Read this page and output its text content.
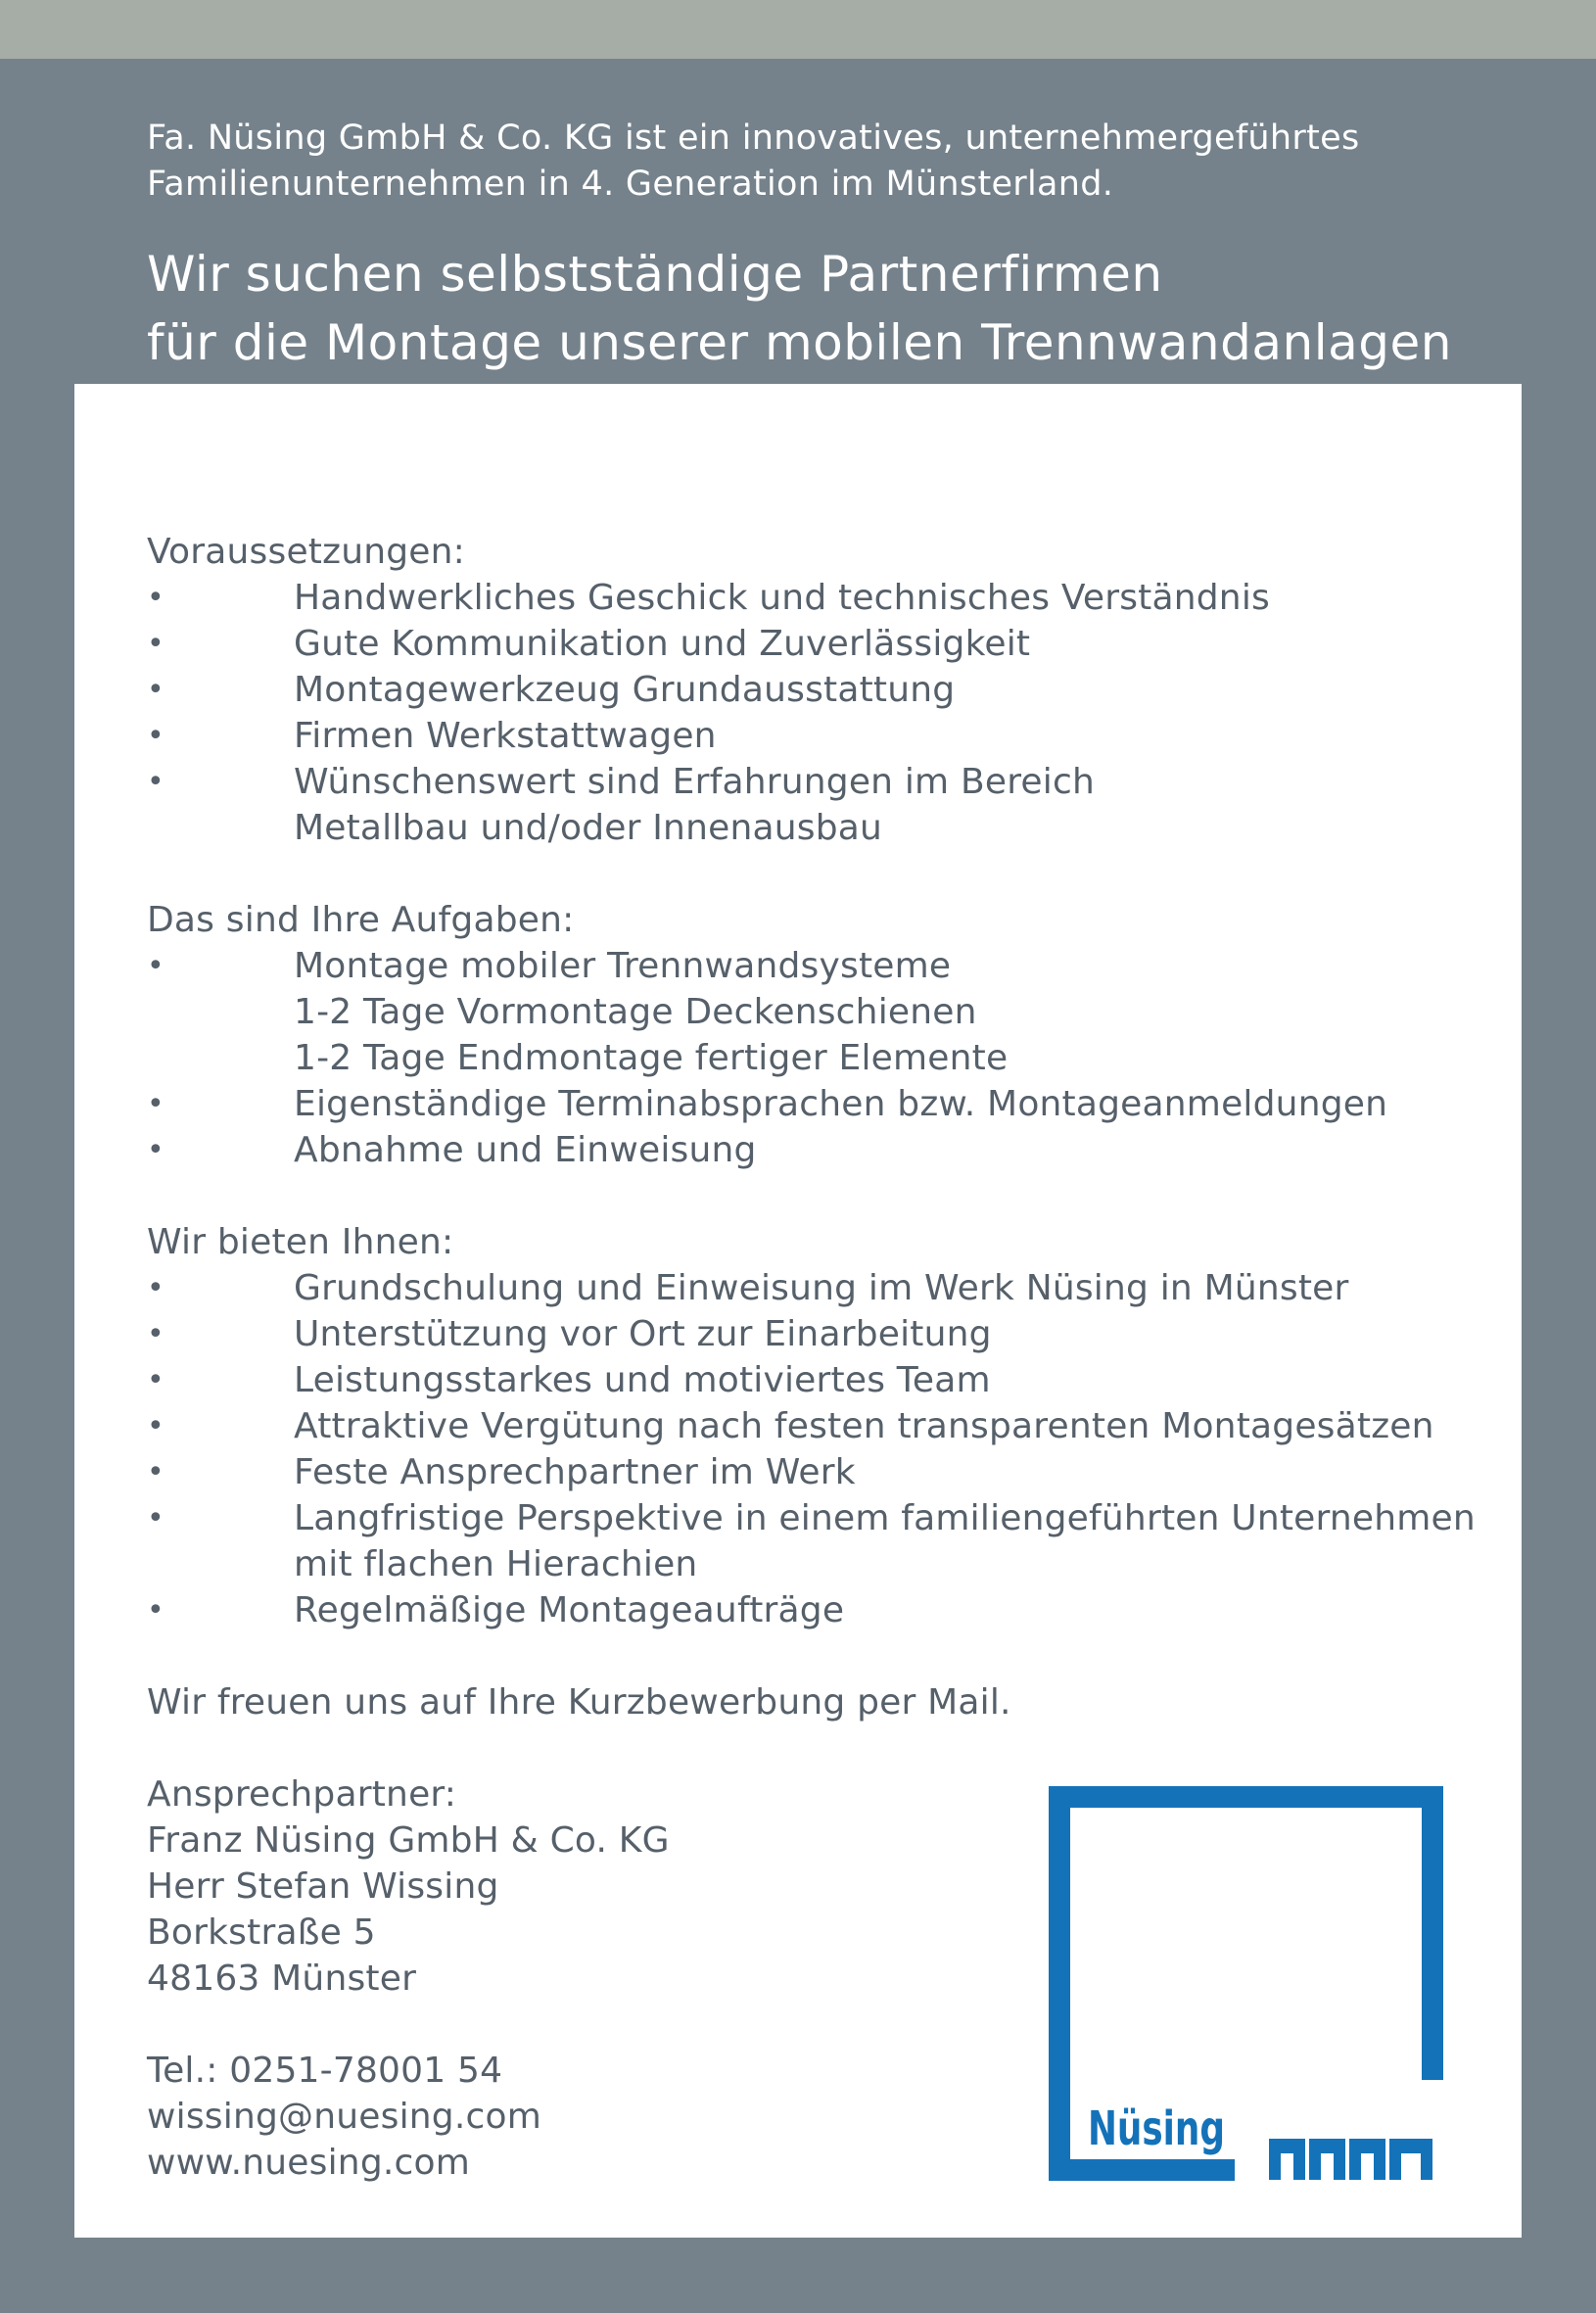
Fa. Nüsing GmbH & Co. KG ist ein innovatives, unternehmergeführtes
Familienunternehmen in 4. Generation im Münsterland.
Wir suchen selbstständige Partnerfirmen
für die Montage unserer mobilen Trennwandanlagen
Voraussetzungen:
•	Handwerkliches Geschick und technisches Verständnis
•	Gute Kommunikation und Zuverlässigkeit
•	Montagewerkzeug Grundausstattung
•	Firmen Werkstattwagen
•	Wünschenswert sind Erfahrungen im Bereich
Metallbau und/oder Innenausbau
Das sind Ihre Aufgaben:
•	Montage mobiler Trennwandsysteme
1-2 Tage Vormontage Deckenschienen
1-2 Tage Endmontage fertiger Elemente
•	Eigenständige Terminabsprachen bzw. Montageanmeldungen
•	Abnahme und Einweisung
Wir bieten Ihnen:
•	Grundschulung und Einweisung im Werk Nüsing in Münster
•	Unterstützung vor Ort zur Einarbeitung
•	Leistungsstarkes und motiviertes Team
•	Attraktive Vergütung nach festen transparenten Montagesätzen
•	Feste Ansprechpartner im Werk
•	Langfristige Perspektive in einem familiengeführten Unternehmen
mit flachen Hierachien
•	Regelmäßige Montageaufträge
Wir freuen uns auf Ihre Kurzbewerbung per Mail.
Ansprechpartner:
Franz Nüsing GmbH & Co. KG
Herr Stefan Wissing
Borkstraße 5
48163 Münster
Tel.: 0251-78001 54
wissing@nuesing.com
www.nuesing.com
Nüsing
